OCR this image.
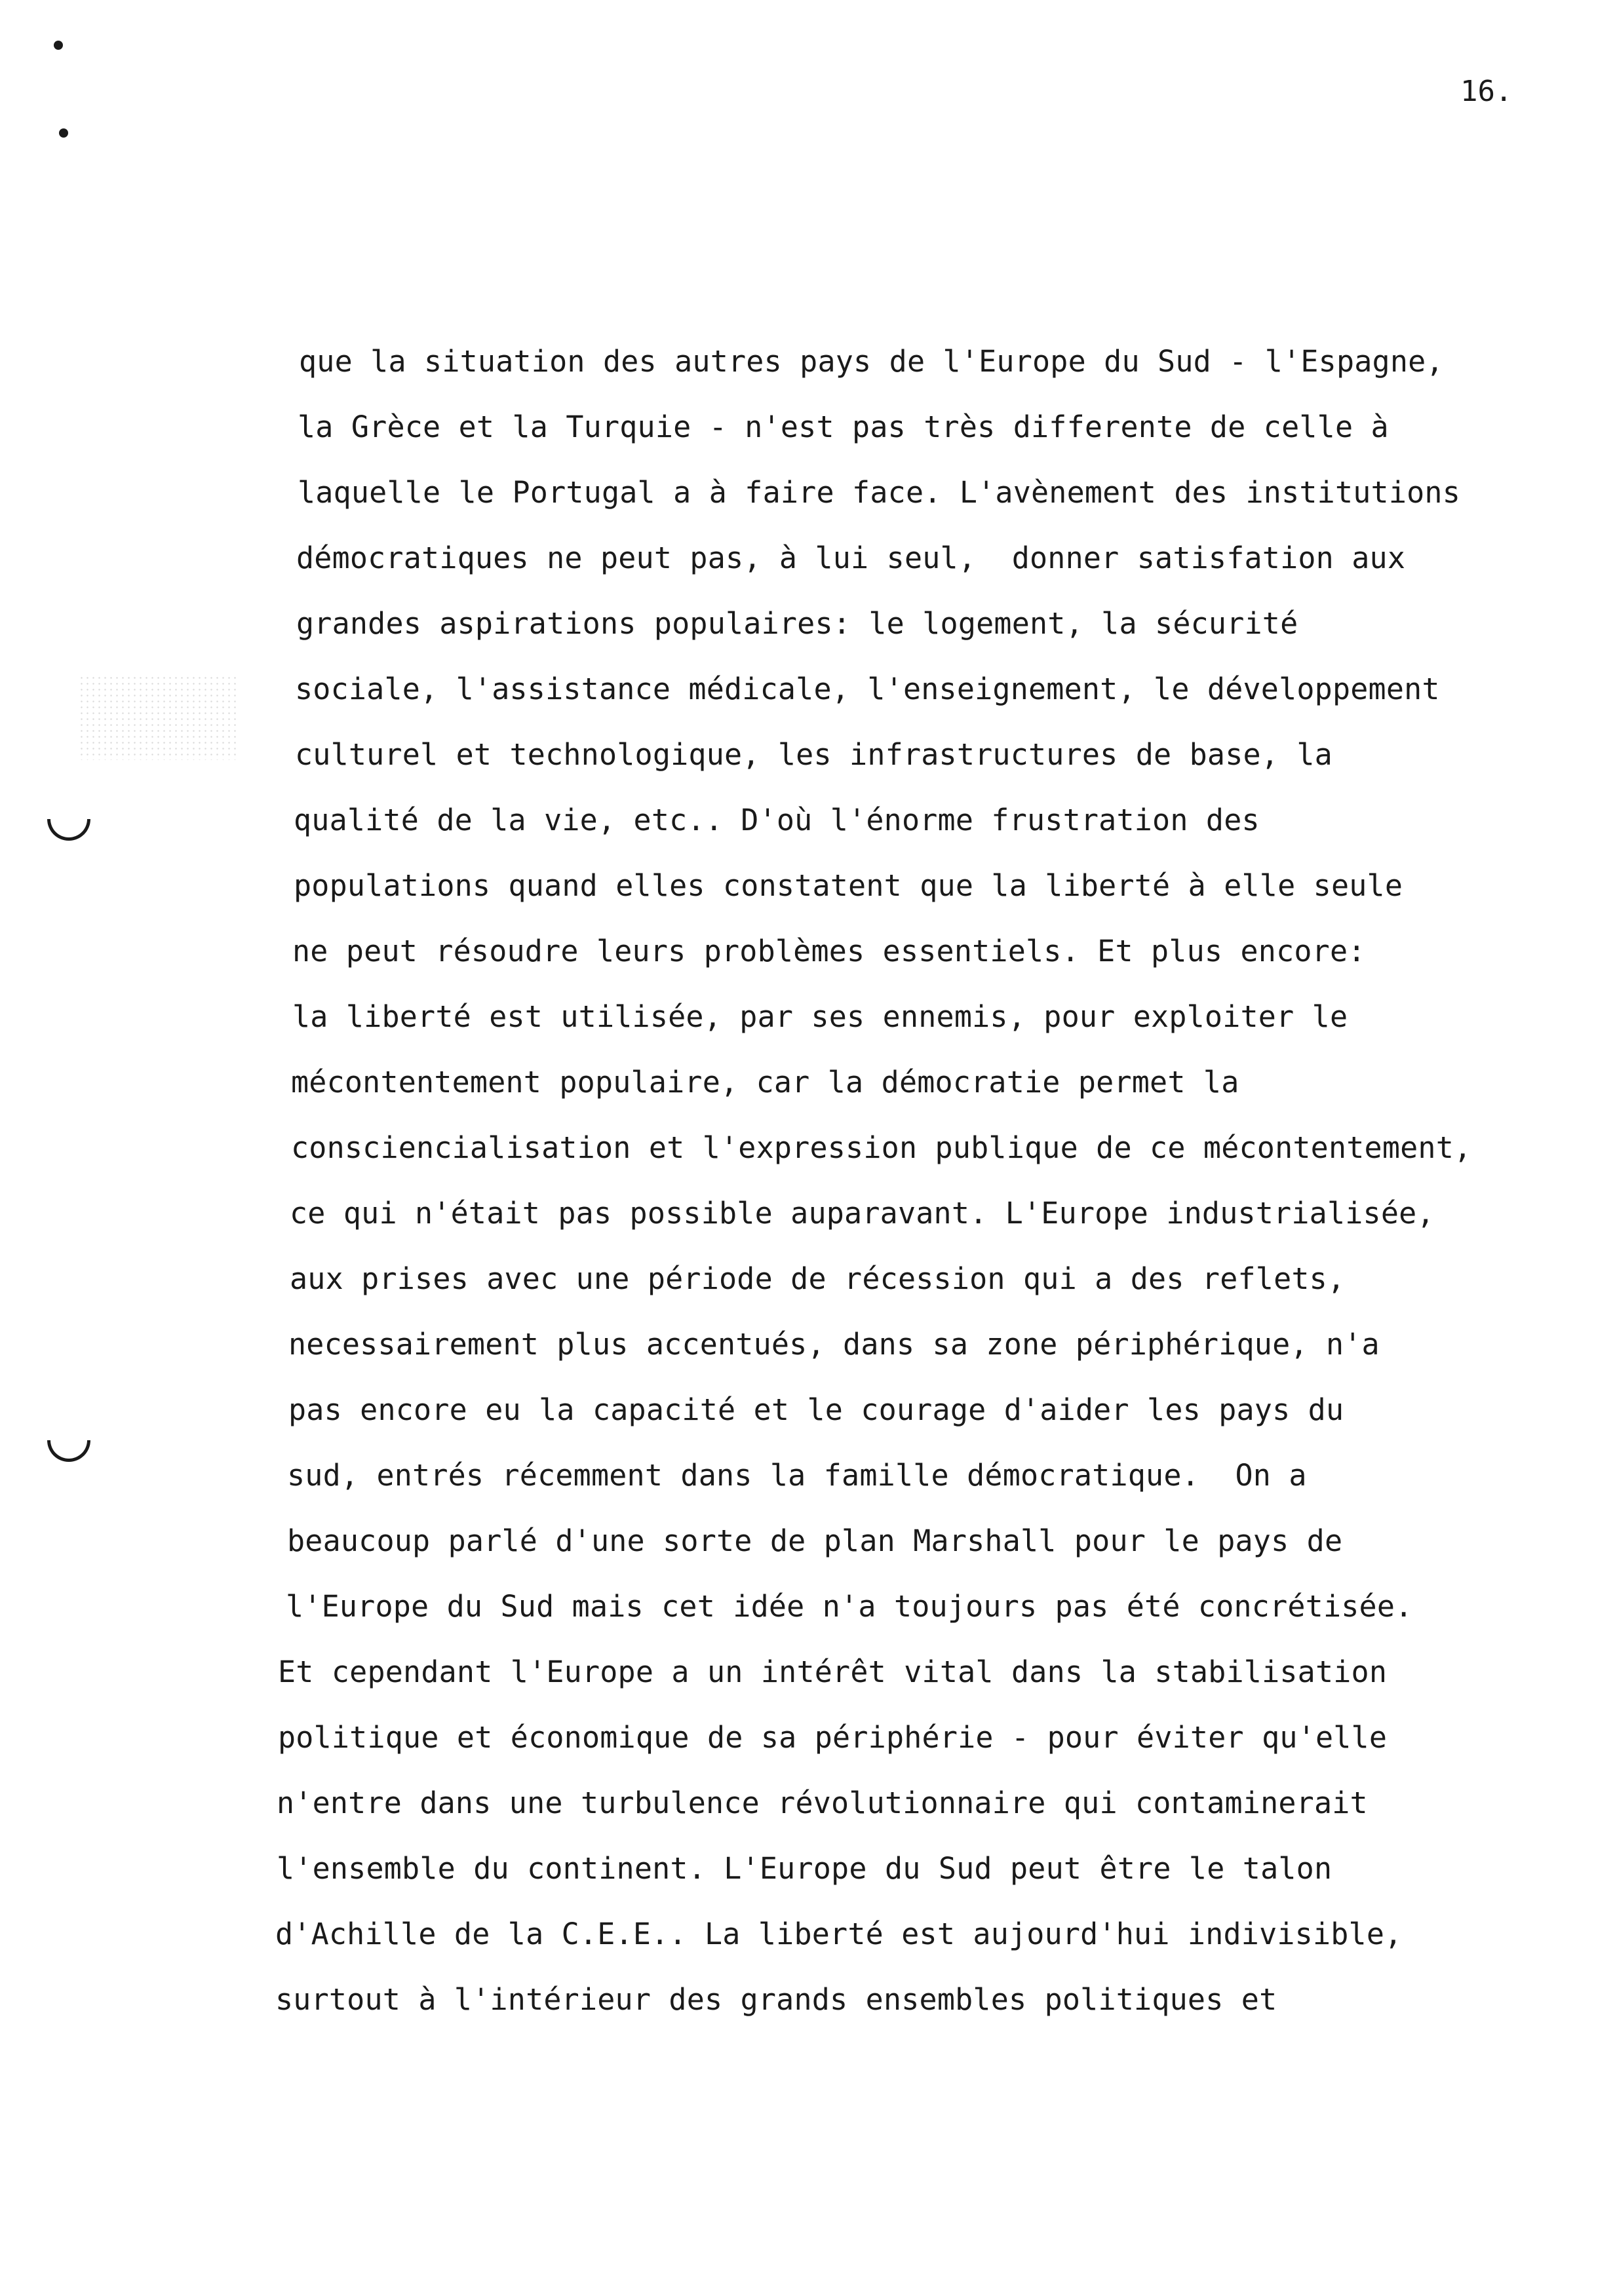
16.
que la situation des autres pays de l'Europe du Sud - l'Espagne,
la Grèce et la Turquie - n'est pas très differente de celle à
laquelle le Portugal a à faire face. L'avènement des institutions
démocratiques ne peut pas, à lui seul,  donner satisfation aux
grandes aspirations populaires: le logement, la sécurité
sociale, l'assistance médicale, l'enseignement, le développement
culturel et technologique, les infrastructures de base, la
qualité de la vie, etc.. D'où l'énorme frustration des
populations quand elles constatent que la liberté à elle seule
ne peut résoudre leurs problèmes essentiels. Et plus encore:
la liberté est utilisée, par ses ennemis, pour exploiter le
mécontentement populaire, car la démocratie permet la
consciencialisation et l'expression publique de ce mécontentement,
ce qui n'était pas possible auparavant. L'Europe industrialisée,
aux prises avec une période de récession qui a des reflets,
necessairement plus accentués, dans sa zone périphérique, n'a
pas encore eu la capacité et le courage d'aider les pays du
sud, entrés récemment dans la famille démocratique.  On a
beaucoup parlé d'une sorte de plan Marshall pour le pays de
l'Europe du Sud mais cet idée n'a toujours pas été concrétisée.
Et cependant l'Europe a un intérêt vital dans la stabilisation
politique et économique de sa périphérie - pour éviter qu'elle
n'entre dans une turbulence révolutionnaire qui contaminerait
l'ensemble du continent. L'Europe du Sud peut être le talon
d'Achille de la C.E.E.. La liberté est aujourd'hui indivisible,
surtout à l'intérieur des grands ensembles politiques et
